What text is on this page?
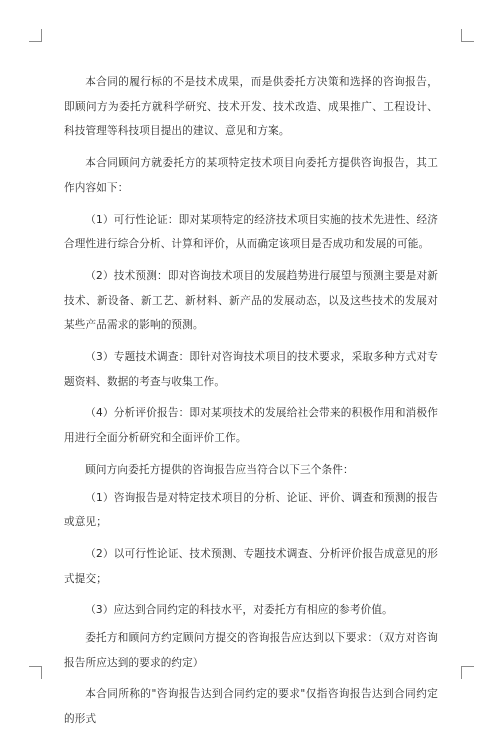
本合同的履行标的不是技术成果，而是供委托方决策和选择的咨询报告，即顾问方为委托方就科学研究、技术开发、技术改造、成果推广、工程设计、科技管理等科技项目提出的建议、意见和方案。

本合同顾问方就委托方的某项特定技术项目向委托方提供咨询报告，其工作内容如下：

（1）可行性论证：即对某项特定的经济技术项目实施的技术先进性、经济合理性进行综合分析、计算和评价，从而确定该项目是否成功和发展的可能。

（2）技术预测：即对咨询技术项目的发展趋势进行展望与预测主要是对新技术、新设备、新工艺、新材料、新产品的发展动态，以及这些技术的发展对某些产品需求的影响的预测。

（3）专题技术调查：即针对咨询技术项目的技术要求，采取多种方式对专题资料、数据的考查与收集工作。

（4）分析评价报告：即对某项技术的发展给社会带来的积极作用和消极作用进行全面分析研究和全面评价工作。

顾问方向委托方提供的咨询报告应当符合以下三个条件：

（1）咨询报告是对特定技术项目的分析、论证、评价、调查和预测的报告或意见；

（2）以可行性论证、技术预测、专题技术调查、分析评价报告成意见的形式提交；

（3）应达到合同约定的科技水平，对委托方有相应的参考价值。

委托方和顾问方约定顾问方提交的咨询报告应达到以下要求：（双方对咨询报告所应达到的要求的约定）

本合同所称的"咨询报告达到合同约定的要求"仅指咨询报告达到合同约定的形式
